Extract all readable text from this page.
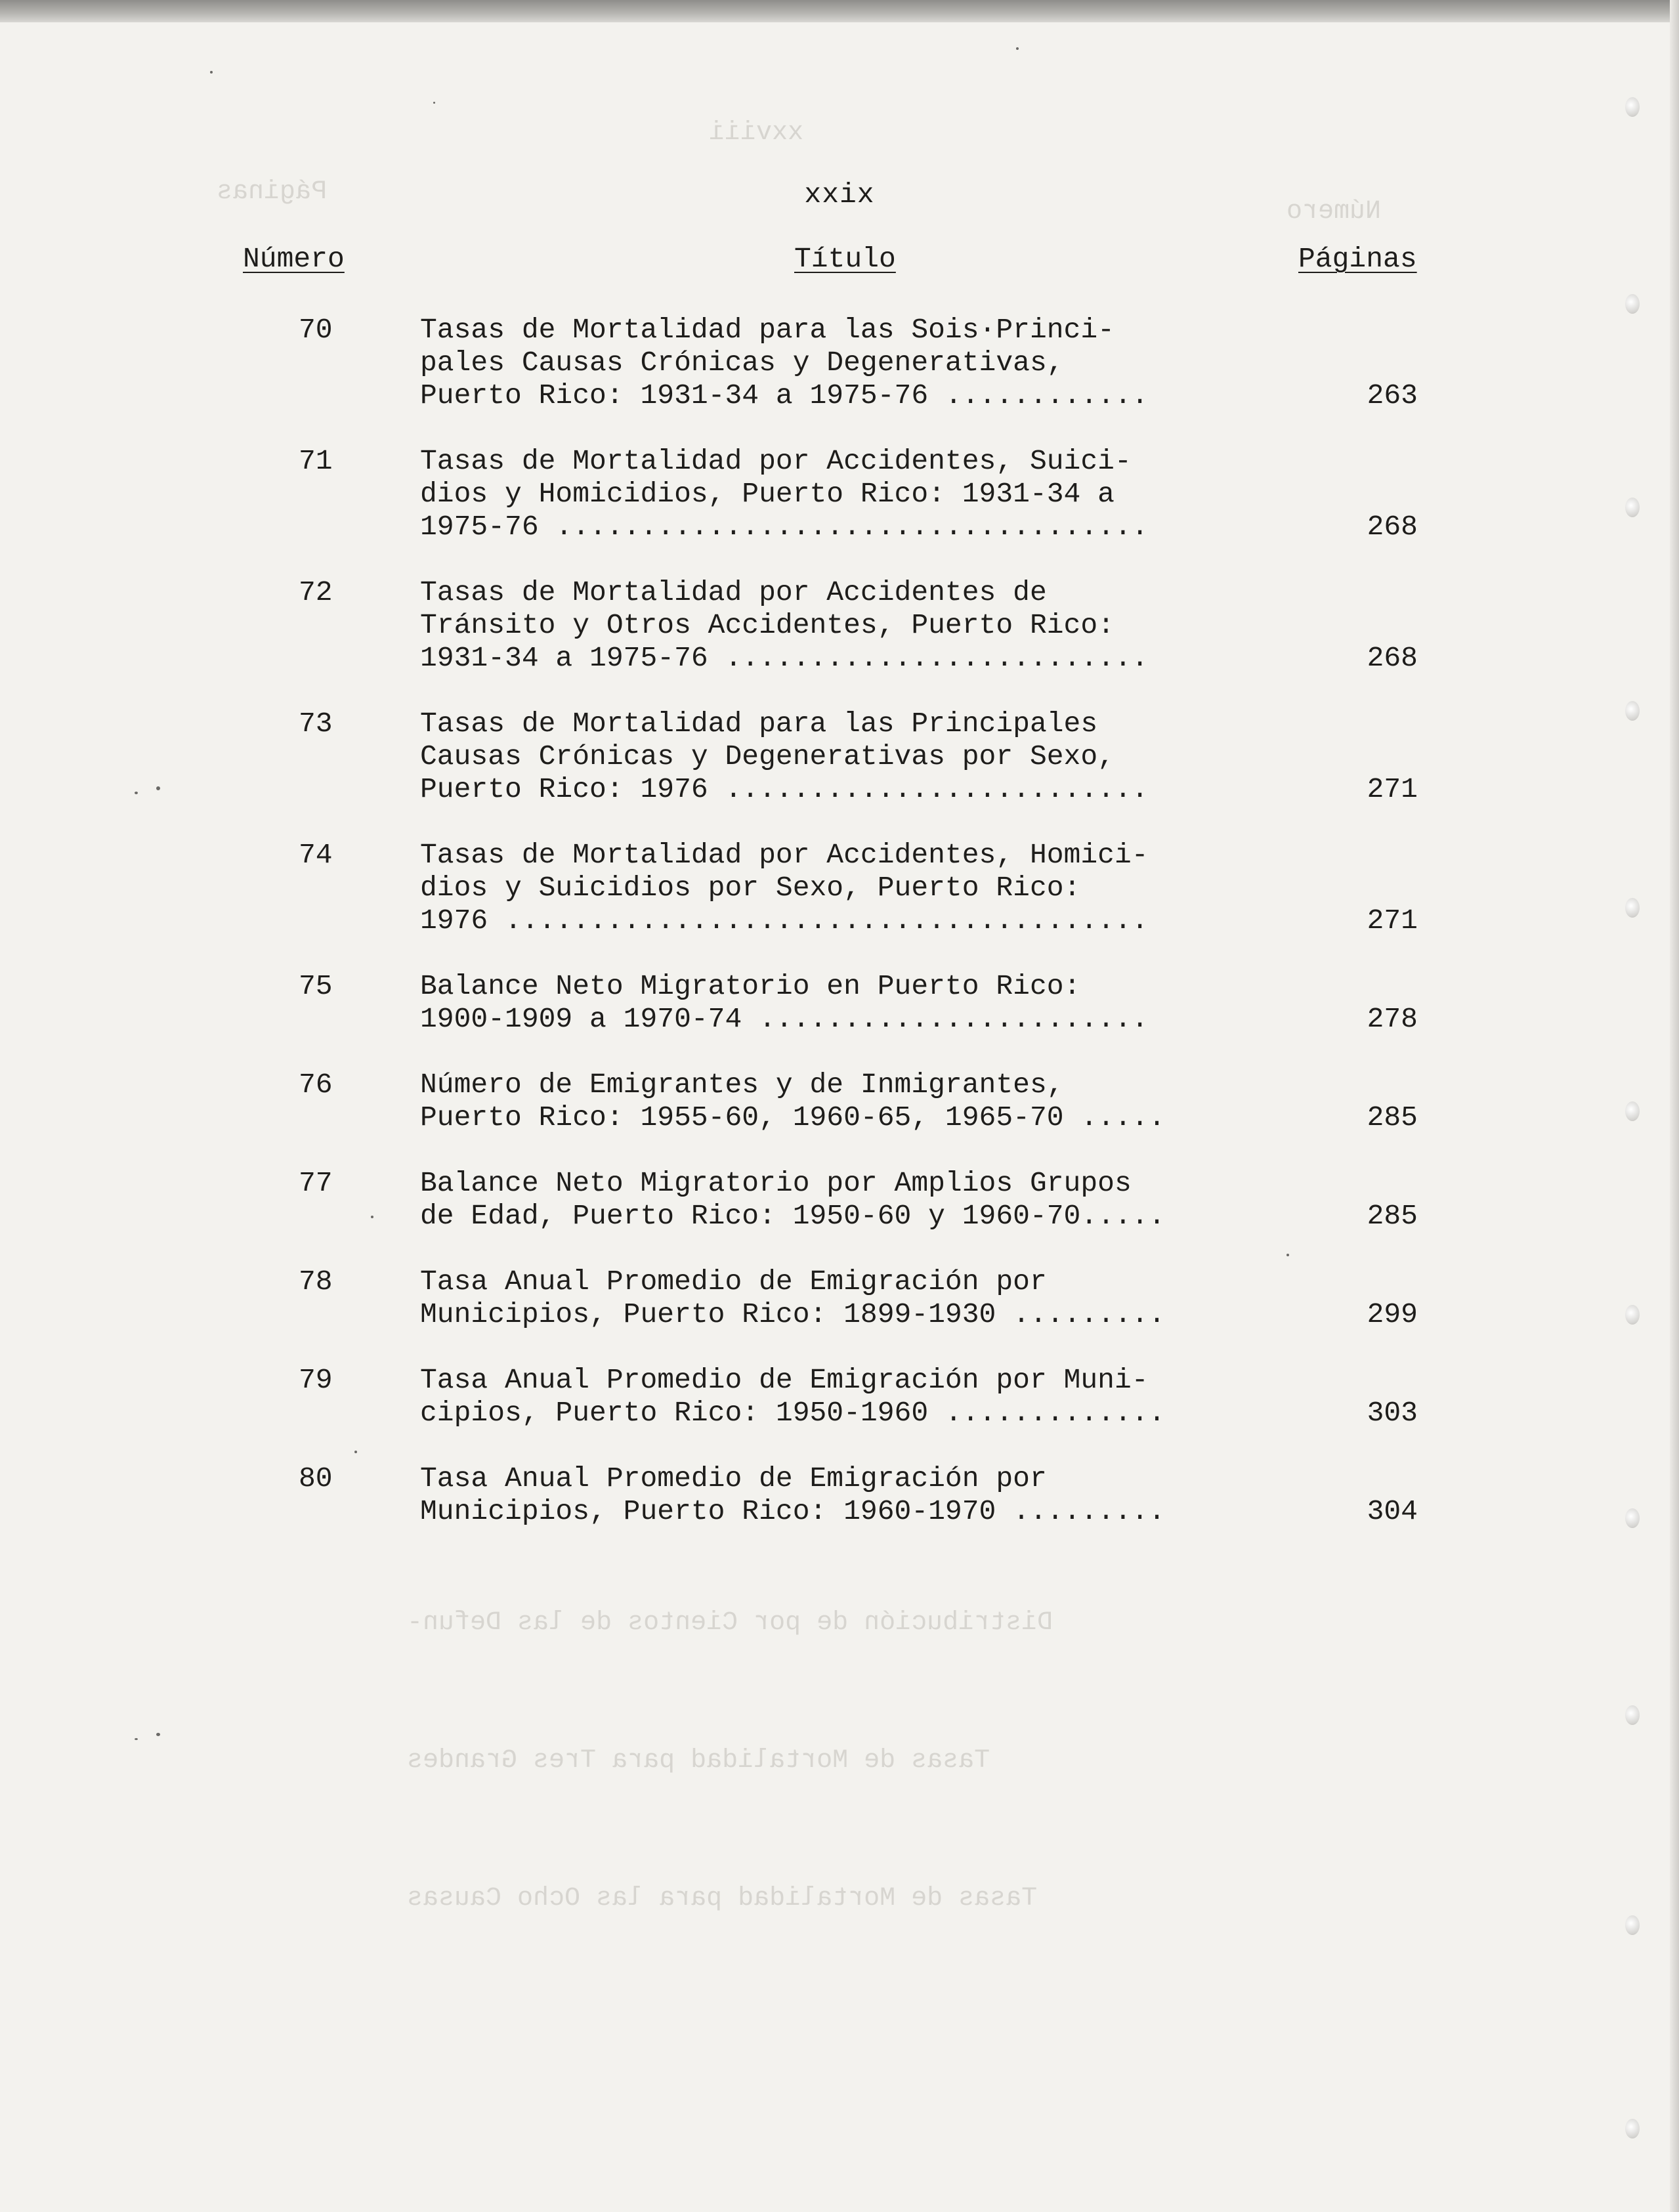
xxviii
Páginas
Número
Distribución de por Cientos de las Defun-
Tasas de Mortalidad para Tres Grandes
Tasas de Mortalidad para las Ocho Causas
xxix
Número	Título	Páginas
70	Tasas de Mortalidad para las Sois·Princi-
pales Causas Crónicas y Degenerativas,
Puerto Rico: 1931-34 a 1975-76 ............	263
71	Tasas de Mortalidad por Accidentes, Suici-
dios y Homicidios, Puerto Rico: 1931-34 a
1975-76 ...................................	268
72	Tasas de Mortalidad por Accidentes de
Tránsito y Otros Accidentes, Puerto Rico:
1931-34 a 1975-76 .........................	268
73	Tasas de Mortalidad para las Principales
Causas Crónicas y Degenerativas por Sexo,
Puerto Rico: 1976 .........................	271
74	Tasas de Mortalidad por Accidentes, Homici-
dios y Suicidios por Sexo, Puerto Rico:
1976 ......................................	271
75	Balance Neto Migratorio en Puerto Rico:
1900-1909 a 1970-74 .......................	278
76	Número de Emigrantes y de Inmigrantes,
Puerto Rico: 1955-60, 1960-65, 1965-70 .....	285
77	Balance Neto Migratorio por Amplios Grupos
de Edad, Puerto Rico: 1950-60 y 1960-70.....	285
78	Tasa Anual Promedio de Emigración por
Municipios, Puerto Rico: 1899-1930 .........	299
79	Tasa Anual Promedio de Emigración por Muni-
cipios, Puerto Rico: 1950-1960 .............	303
80	Tasa Anual Promedio de Emigración por
Municipios, Puerto Rico: 1960-1970 .........	304
